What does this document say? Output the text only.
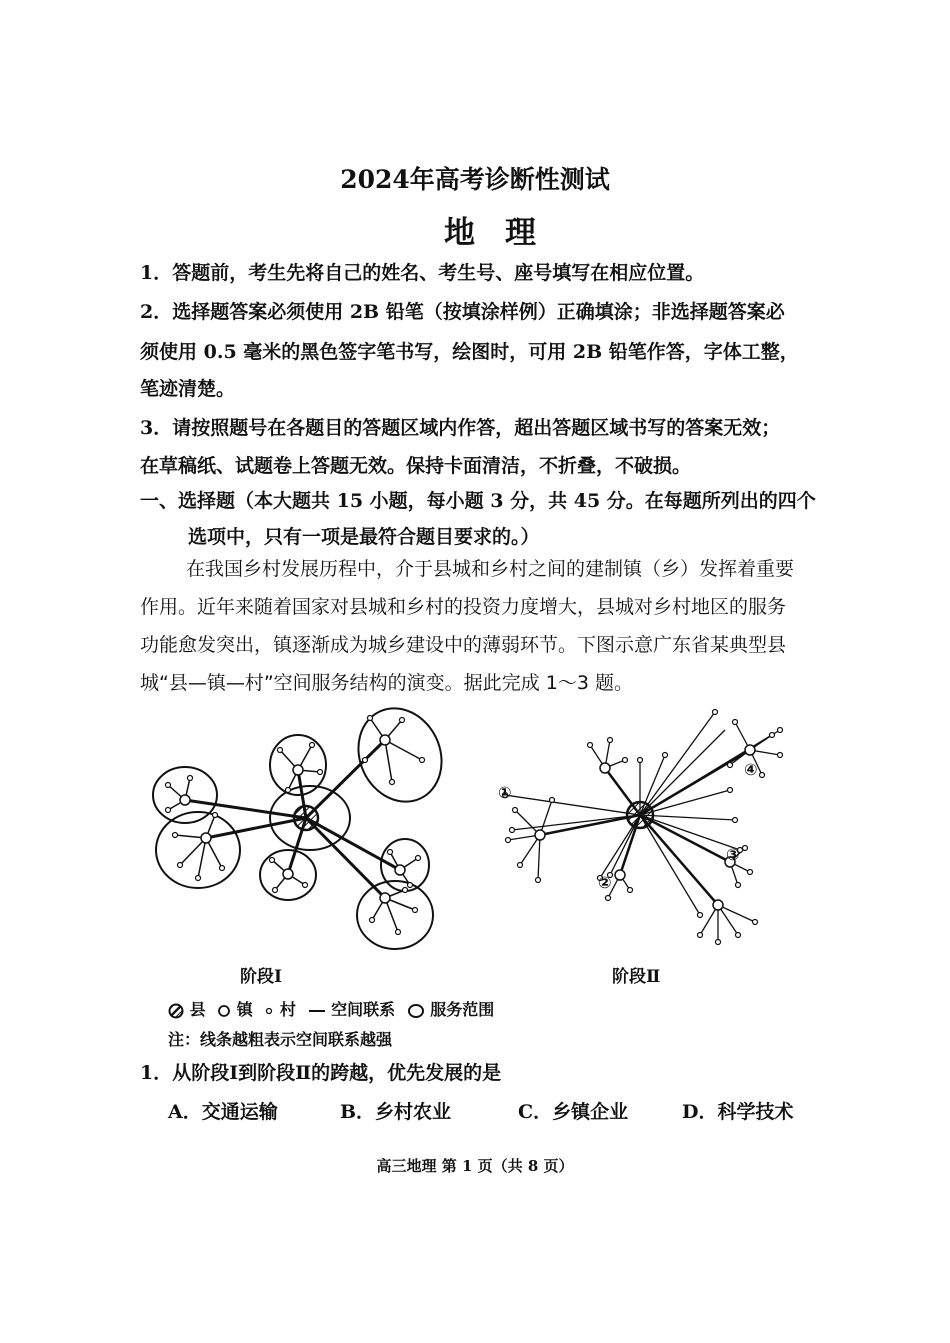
2024年高考诊断性测试
地理
1．答题前，考生先将自己的姓名、考生号、座号填写在相应位置。
2．选择题答案必须使用 2B 铅笔（按填涂样例）正确填涂；非选择题答案必
须使用 0.5 毫米的黑色签字笔书写，绘图时，可用 2B 铅笔作答，字体工整，
笔迹清楚。
3．请按照题号在各题目的答题区域内作答，超出答题区域书写的答案无效；
在草稿纸、试题卷上答题无效。保持卡面清洁，不折叠，不破损。
一、选择题（本大题共 15 小题，每小题 3 分，共 45 分。在每题所列出的四个
选项中，只有一项是最符合题目要求的。）
在我国乡村发展历程中，介于县城和乡村之间的建制镇（乡）发挥着重要
作用。近年来随着国家对县城和乡村的投资力度增大，县城对乡村地区的服务
功能愈发突出，镇逐渐成为城乡建设中的薄弱环节。下图示意广东省某典型县
城“县—镇—村”空间服务结构的演变。据此完成 1～3 题。
①
②
③
④
阶段Ⅰ	阶段Ⅱ
县 镇 村 空间联系 服务范围
注：线条越粗表示空间联系越强
1．从阶段Ⅰ到阶段Ⅱ的跨越，优先发展的是
A．交通运输	B．乡村农业	C．乡镇企业	D．科学技术
高三地理 第 1 页（共 8 页）
